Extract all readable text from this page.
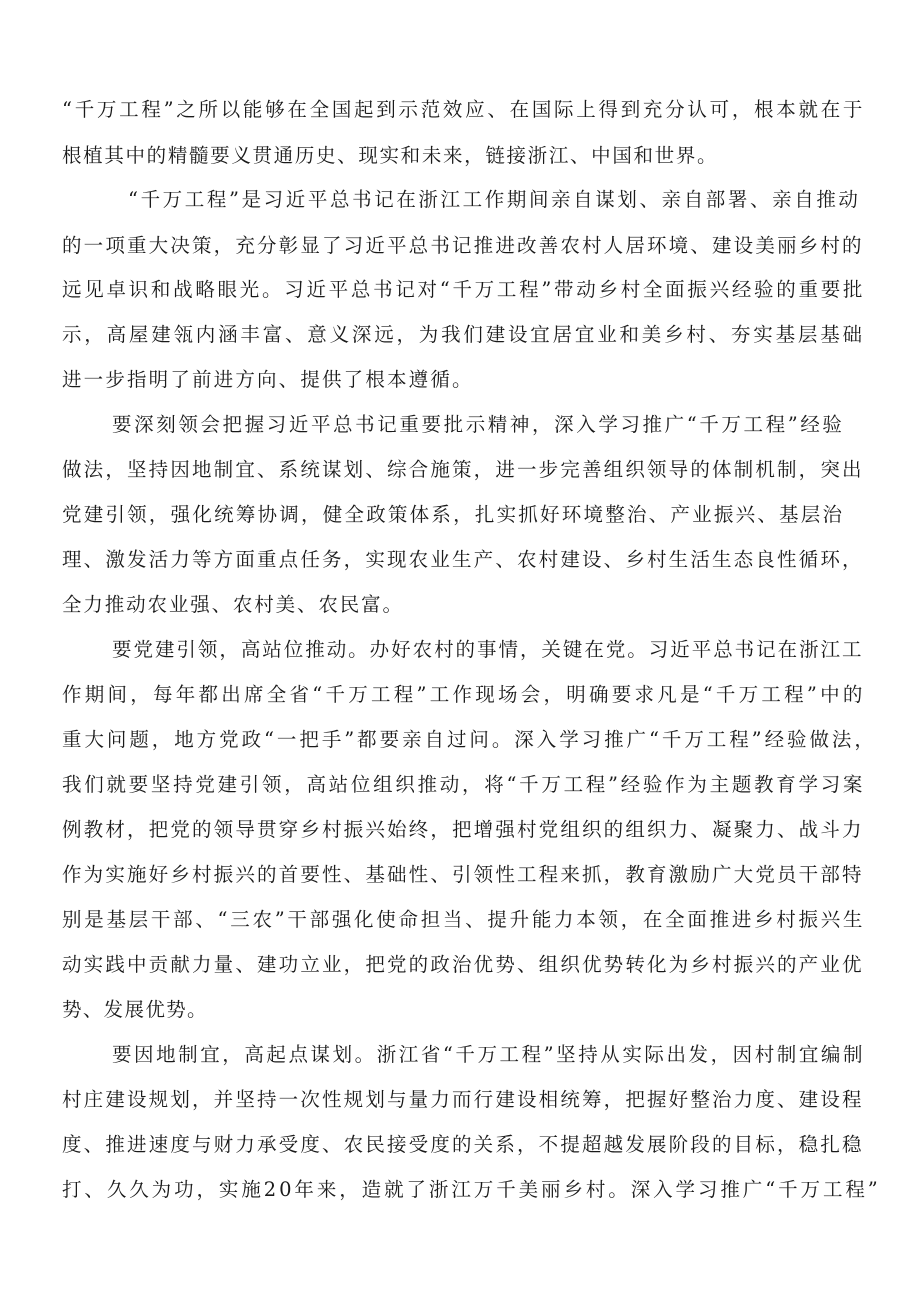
“千万工程”之所以能够在全国起到示范效应、在国际上得到充分认可，根本就在于
根植其中的精髓要义贯通历史、现实和未来，链接浙江、中国和世界。
“千万工程”是习近平总书记在浙江工作期间亲自谋划、亲自部署、亲自推动
的一项重大决策，充分彰显了习近平总书记推进改善农村人居环境、建设美丽乡村的
远见卓识和战略眼光。习近平总书记对“千万工程”带动乡村全面振兴经验的重要批
示，高屋建瓴内涵丰富、意义深远，为我们建设宜居宜业和美乡村、夯实基层基础
进一步指明了前进方向、提供了根本遵循。
要深刻领会把握习近平总书记重要批示精神，深入学习推广“千万工程”经验
做法，坚持因地制宜、系统谋划、综合施策，进一步完善组织领导的体制机制，突出
党建引领，强化统筹协调，健全政策体系，扎实抓好环境整治、产业振兴、基层治
理、激发活力等方面重点任务，实现农业生产、农村建设、乡村生活生态良性循环，
全力推动农业强、农村美、农民富。
要党建引领，高站位推动。办好农村的事情，关键在党。习近平总书记在浙江工
作期间，每年都出席全省“千万工程”工作现场会，明确要求凡是“千万工程”中的
重大问题，地方党政“一把手”都要亲自过问。深入学习推广“千万工程”经验做法，
我们就要坚持党建引领，高站位组织推动，将“千万工程”经验作为主题教育学习案
例教材，把党的领导贯穿乡村振兴始终，把增强村党组织的组织力、凝聚力、战斗力
作为实施好乡村振兴的首要性、基础性、引领性工程来抓，教育激励广大党员干部特
别是基层干部、“三农”干部强化使命担当、提升能力本领，在全面推进乡村振兴生
动实践中贡献力量、建功立业，把党的政治优势、组织优势转化为乡村振兴的产业优
势、发展优势。
要因地制宜，高起点谋划。浙江省“千万工程”坚持从实际出发，因村制宜编制
村庄建设规划，并坚持一次性规划与量力而行建设相统筹，把握好整治力度、建设程
度、推进速度与财力承受度、农民接受度的关系，不提超越发展阶段的目标，稳扎稳
打、久久为功，实施20年来，造就了浙江万千美丽乡村。深入学习推广“千万工程”
